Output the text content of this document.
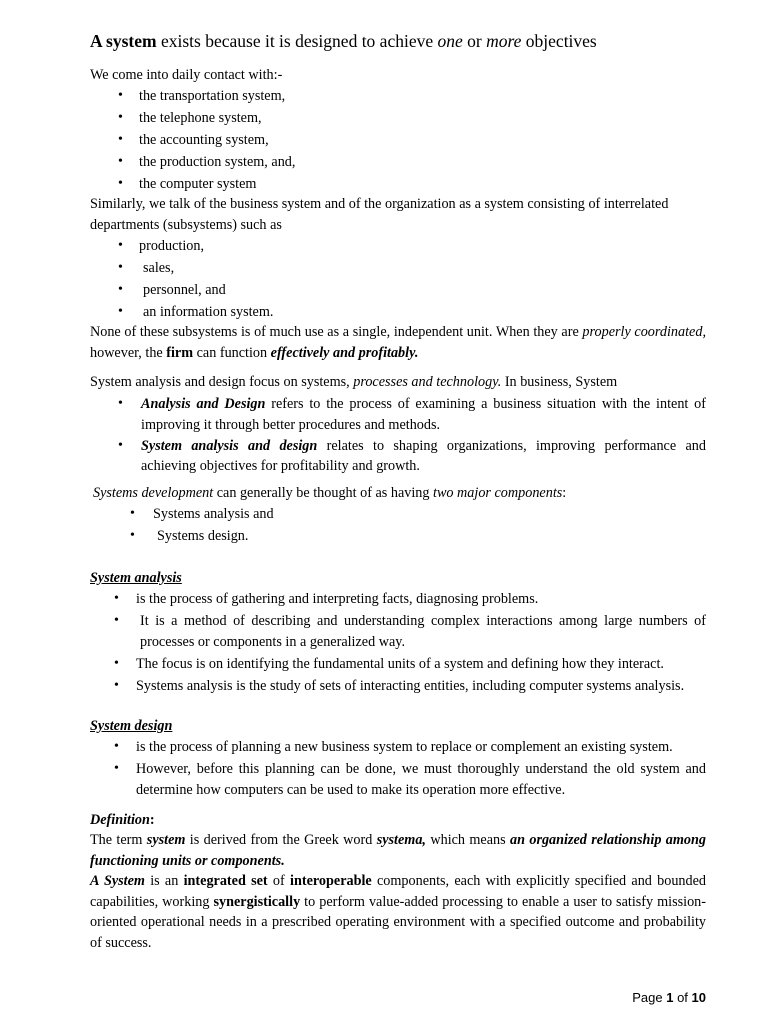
A system exists because it is designed to achieve one or more objectives

We come into daily contact with:-

• the transportation system,
• the telephone system,
• the accounting system,
• the production system, and,
• the computer system

Similarly, we talk of the business system and of the organization as a system consisting of interrelated departments (subsystems) such as

• production,
• sales,
• personnel, and
• an information system.

None of these subsystems is of much use as a single, independent unit. When they are properly coordinated, however, the firm can function effectively and profitably.

System analysis and design focus on systems, processes and technology. In business, System

• Analysis and Design refers to the process of examining a business situation with the intent of improving it through better procedures and methods.
• System analysis and design relates to shaping organizations, improving performance and achieving objectives for profitability and growth.

Systems development can generally be thought of as having two major components:

• Systems analysis and
• Systems design.

System analysis

• is the process of gathering and interpreting facts, diagnosing problems.
• It is a method of describing and understanding complex interactions among large numbers of processes or components in a generalized way.
• The focus is on identifying the fundamental units of a system and defining how they interact.
• Systems analysis is the study of sets of interacting entities, including computer systems analysis.

System design

• is the process of planning a new business system to replace or complement an existing system.
• However, before this planning can be done, we must thoroughly understand the old system and determine how computers can be used to make its operation more effective.

Definition:

The term system is derived from the Greek word systema, which means an organized relationship among functioning units or components.

A System is an integrated set of interoperable components, each with explicitly specified and bounded capabilities, working synergistically to perform value-added processing to enable a user to satisfy mission-oriented operational needs in a prescribed operating environment with a specified outcome and probability of success.

Page 1 of 10
